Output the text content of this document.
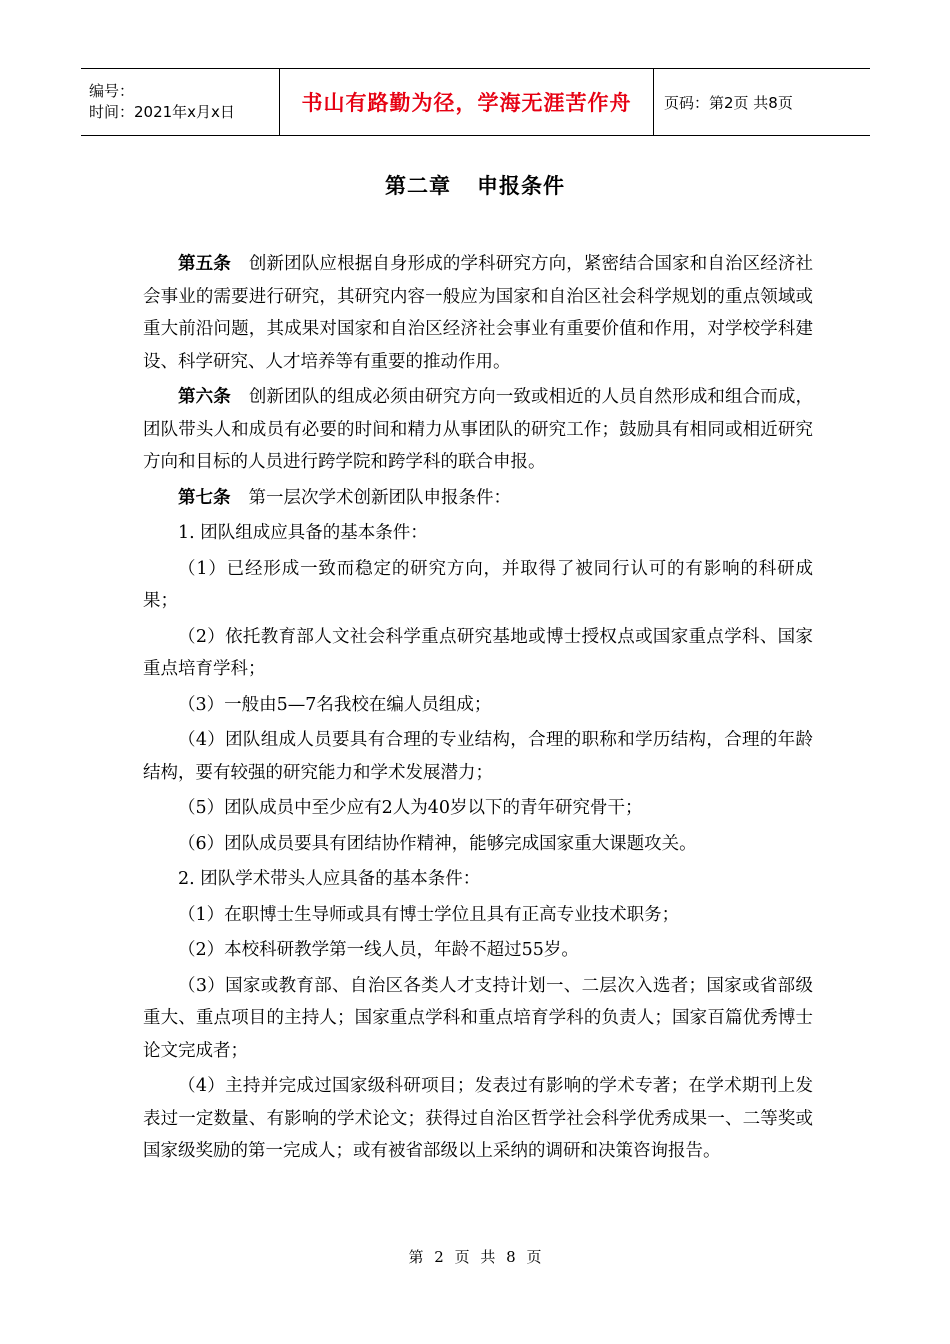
编号：
时间：2021年x月x日	书山有路勤为径，学海无涯苦作舟 页码：第2页 共8页
第二章 申报条件

第五条 创新团队应根据自身形成的学科研究方向，紧密结合国家和自治区经济社会事业的需要进行研究，其研究内容一般应为国家和自治区社会科学规划的重点领域或重大前沿问题，其成果对国家和自治区经济社会事业有重要价值和作用，对学校学科建设、科学研究、人才培养等有重要的推动作用。

第六条 创新团队的组成必须由研究方向一致或相近的人员自然形成和组合而成，团队带头人和成员有必要的时间和精力从事团队的研究工作；鼓励具有相同或相近研究方向和目标的人员进行跨学院和跨学科的联合申报。

第七条 第一层次学术创新团队申报条件：

1. 团队组成应具备的基本条件：

（1）已经形成一致而稳定的研究方向，并取得了被同行认可的有影响的科研成果；

（2）依托教育部人文社会科学重点研究基地或博士授权点或国家重点学科、国家重点培育学科；

（3）一般由5—7名我校在编人员组成；

（4）团队组成人员要具有合理的专业结构，合理的职称和学历结构，合理的年龄结构，要有较强的研究能力和学术发展潜力；

（5）团队成员中至少应有2人为40岁以下的青年研究骨干；

（6）团队成员要具有团结协作精神，能够完成国家重大课题攻关。

2. 团队学术带头人应具备的基本条件：

（1）在职博士生导师或具有博士学位且具有正高专业技术职务；

（2）本校科研教学第一线人员，年龄不超过55岁。

（3）国家或教育部、自治区各类人才支持计划一、二层次入选者；国家或省部级重大、重点项目的主持人；国家重点学科和重点培育学科的负责人；国家百篇优秀博士论文完成者；

（4）主持并完成过国家级科研项目；发表过有影响的学术专著；在学术期刊上发表过一定数量、有影响的学术论文；获得过自治区哲学社会科学优秀成果一、二等奖或国家级奖励的第一完成人；或有被省部级以上采纳的调研和决策咨询报告。

第 2 页 共 8 页
